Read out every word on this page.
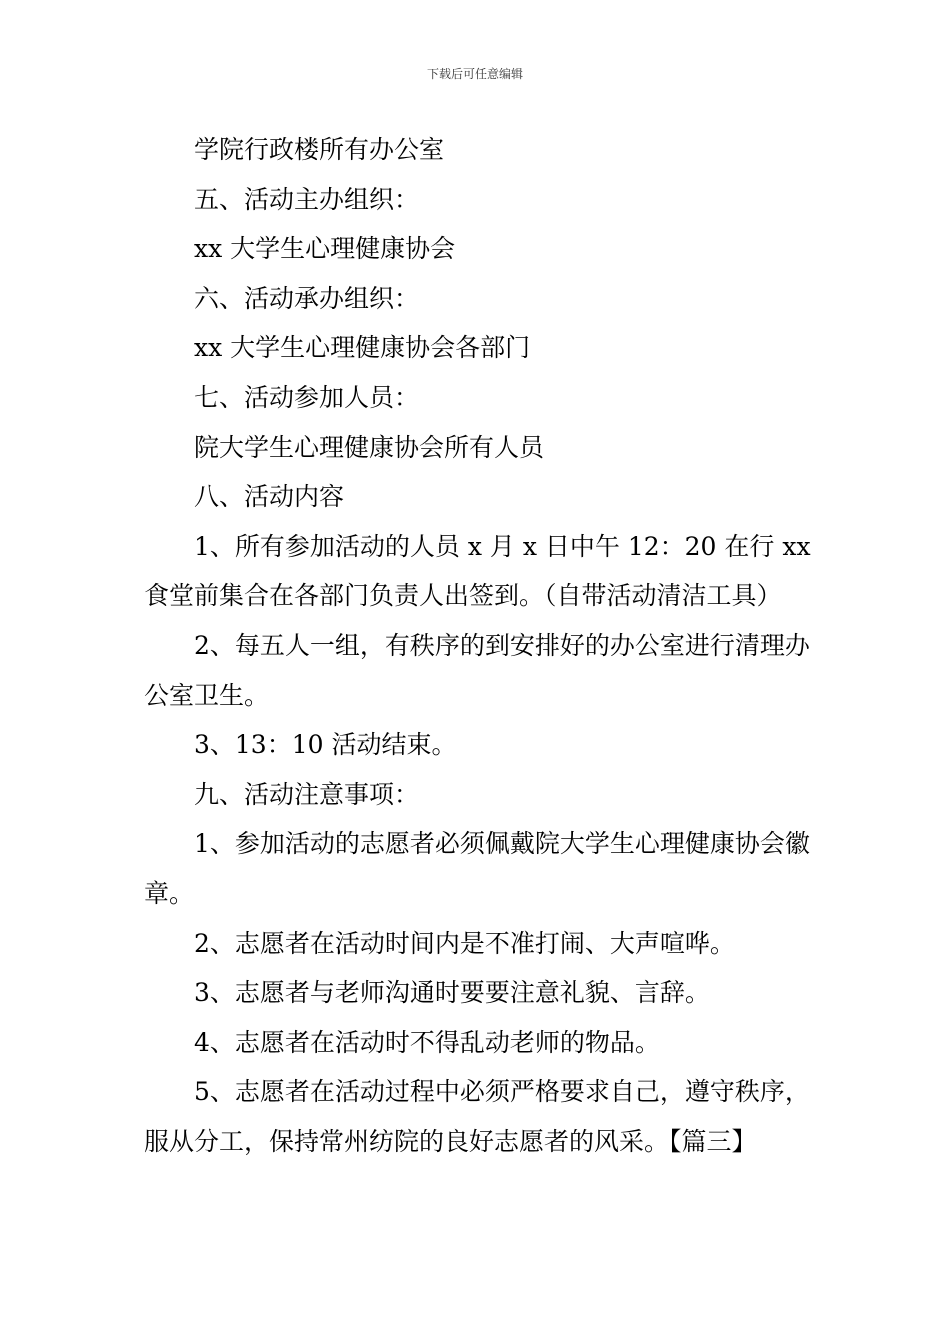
下载后可任意编辑

学院行政楼所有办公室

五、活动主办组织：

xx 大学生心理健康协会

六、活动承办组织：

xx 大学生心理健康协会各部门

七、活动参加人员：

院大学生心理健康协会所有人员

八、活动内容

1、所有参加活动的人员 x 月 x 日中午 12：20 在行 xx 食堂前集合在各部门负责人出签到。（自带活动清洁工具）

2、每五人一组，有秩序的到安排好的办公室进行清理办公室卫生。

3、13：10 活动结束。

九、活动注意事项：

1、参加活动的志愿者必须佩戴院大学生心理健康协会徽章。

2、志愿者在活动时间内是不准打闹、大声喧哗。

3、志愿者与老师沟通时要要注意礼貌、言辞。

4、志愿者在活动时不得乱动老师的物品。

5、志愿者在活动过程中必须严格要求自己，遵守秩序，服从分工，保持常州纺院的良好志愿者的风采。【篇三】
